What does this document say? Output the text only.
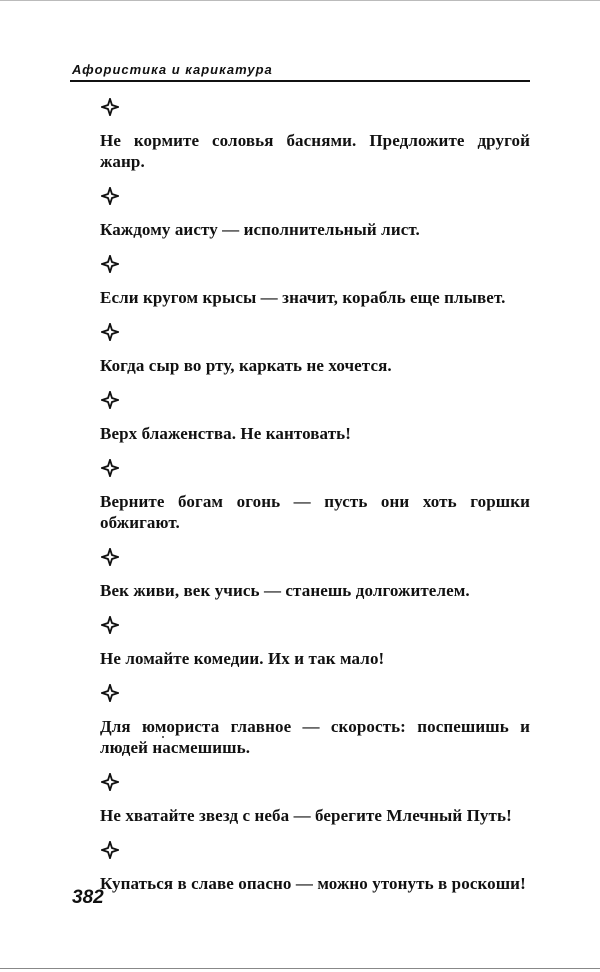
Афористика и карикатура

Не кормите соловья баснями. Предложите другой жанр.

Каждому аисту — исполнительный лист.

Если кругом крысы — значит, корабль еще плывет.

Когда сыр во рту, каркать не хочется.

Верх блаженства. Не кантовать!

Верните богам огонь — пусть они хоть горшки обжигают.

Век живи, век учись — станешь долгожителем.

Не ломайте комедии. Их и так мало!

Для юмориста главное — скорость: поспешишь и людей насмешишь.

Не хватайте звезд с неба — берегите Млечный Путь!

Купаться в славе опасно — можно утонуть в роскоши!

382
